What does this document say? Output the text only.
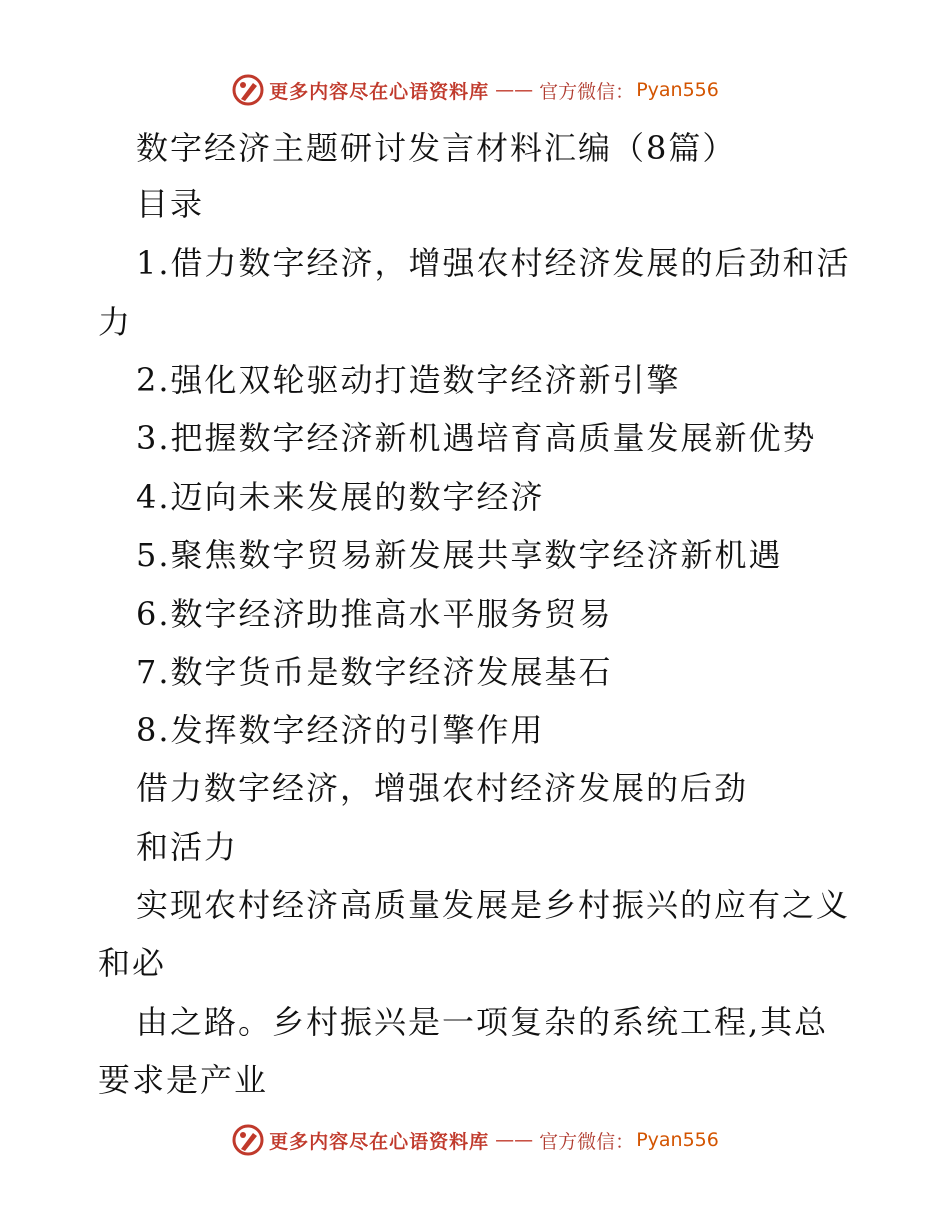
更多内容尽在心语资料库 —— 官方微信： Pyan556
数字经济主题研讨发言材料汇编（8篇）
目录
1.借力数字经济，增强农村经济发展的后劲和活
力
2.强化双轮驱动打造数字经济新引擎
3.把握数字经济新机遇培育高质量发展新优势
4.迈向未来发展的数字经济
5.聚焦数字贸易新发展共享数字经济新机遇
6.数字经济助推高水平服务贸易
7.数字货币是数字经济发展基石
8.发挥数字经济的引擎作用
借力数字经济，增强农村经济发展的后劲
和活力
实现农村经济高质量发展是乡村振兴的应有之义
和必
由之路。乡村振兴是一项复杂的系统工程,其总
要求是产业
更多内容尽在心语资料库 —— 官方微信： Pyan556
